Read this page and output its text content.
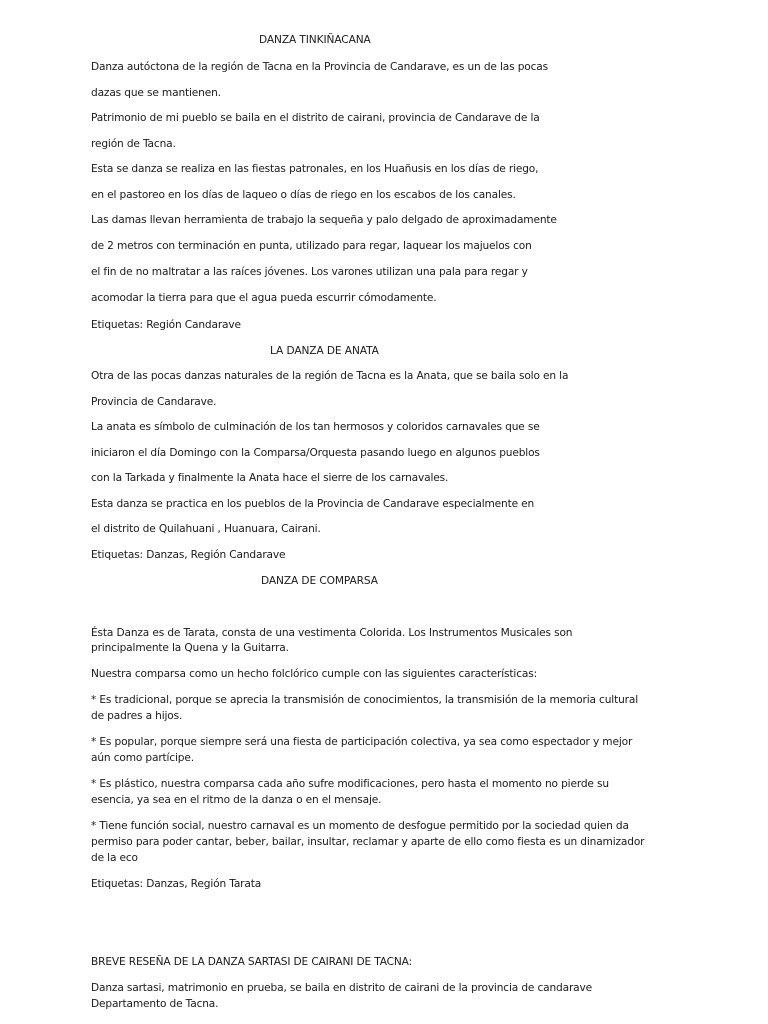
DANZA TINKIÑACANA
Danza autóctona de la región de Tacna en la Provincia de Candarave, es un de las pocas
dazas que se mantienen.
Patrimonio de mi pueblo se baila en el distrito de cairani, provincia de Candarave de la
región de Tacna.
Esta se danza se realiza en las fiestas patronales, en los Huañusis en los días de riego,
en el pastoreo en los días de laqueo o días de riego en los escabos de los canales.
Las damas llevan herramienta de trabajo la sequeña y palo delgado de aproximadamente
de 2 metros con terminación en punta, utilizado para regar, laquear los majuelos con
el fin de no maltratar a las raíces jóvenes. Los varones utilizan una pala para regar y
acomodar la tierra para que el agua pueda escurrir cómodamente.
Etiquetas: Región Candarave
LA DANZA DE ANATA
Otra de las pocas danzas naturales de la región de Tacna es la Anata, que se baila solo en la
Provincia de Candarave.
La anata es símbolo de culminación de los tan hermosos y coloridos carnavales que se
iniciaron el día Domingo con la Comparsa/Orquesta pasando luego en algunos pueblos
con la Tarkada y finalmente la Anata hace el sierre de los carnavales.
Esta danza se practica en los pueblos de la Provincia de Candarave especialmente en
el distrito de Quilahuani , Huanuara, Cairani.
Etiquetas: Danzas, Región Candarave
DANZA DE COMPARSA
Ésta Danza es de Tarata, consta de una vestimenta Colorida. Los Instrumentos Musicales son
principalmente la Quena y la Guitarra.
Nuestra comparsa como un hecho folclórico cumple con las siguientes características:
* Es tradicional, porque se aprecia la transmisión de conocimientos, la transmisión de la memoria cultural
de padres a hijos.
* Es popular, porque siempre será una fiesta de participación colectiva, ya sea como espectador y mejor
aún como partícipe.
* Es plástico, nuestra comparsa cada año sufre modificaciones, pero hasta el momento no pierde su
esencia, ya sea en el ritmo de la danza o en el mensaje.
* Tiene función social, nuestro carnaval es un momento de desfogue permitido por la sociedad quien da
permiso para poder cantar, beber, bailar, insultar, reclamar y aparte de ello como fiesta es un dinamizador
de la eco
Etiquetas: Danzas, Región Tarata
BREVE RESEÑA DE LA DANZA SARTASI DE CAIRANI DE TACNA:
Danza sartasi, matrimonio en prueba, se baila en distrito de cairani de la provincia de candarave
Departamento de Tacna.
